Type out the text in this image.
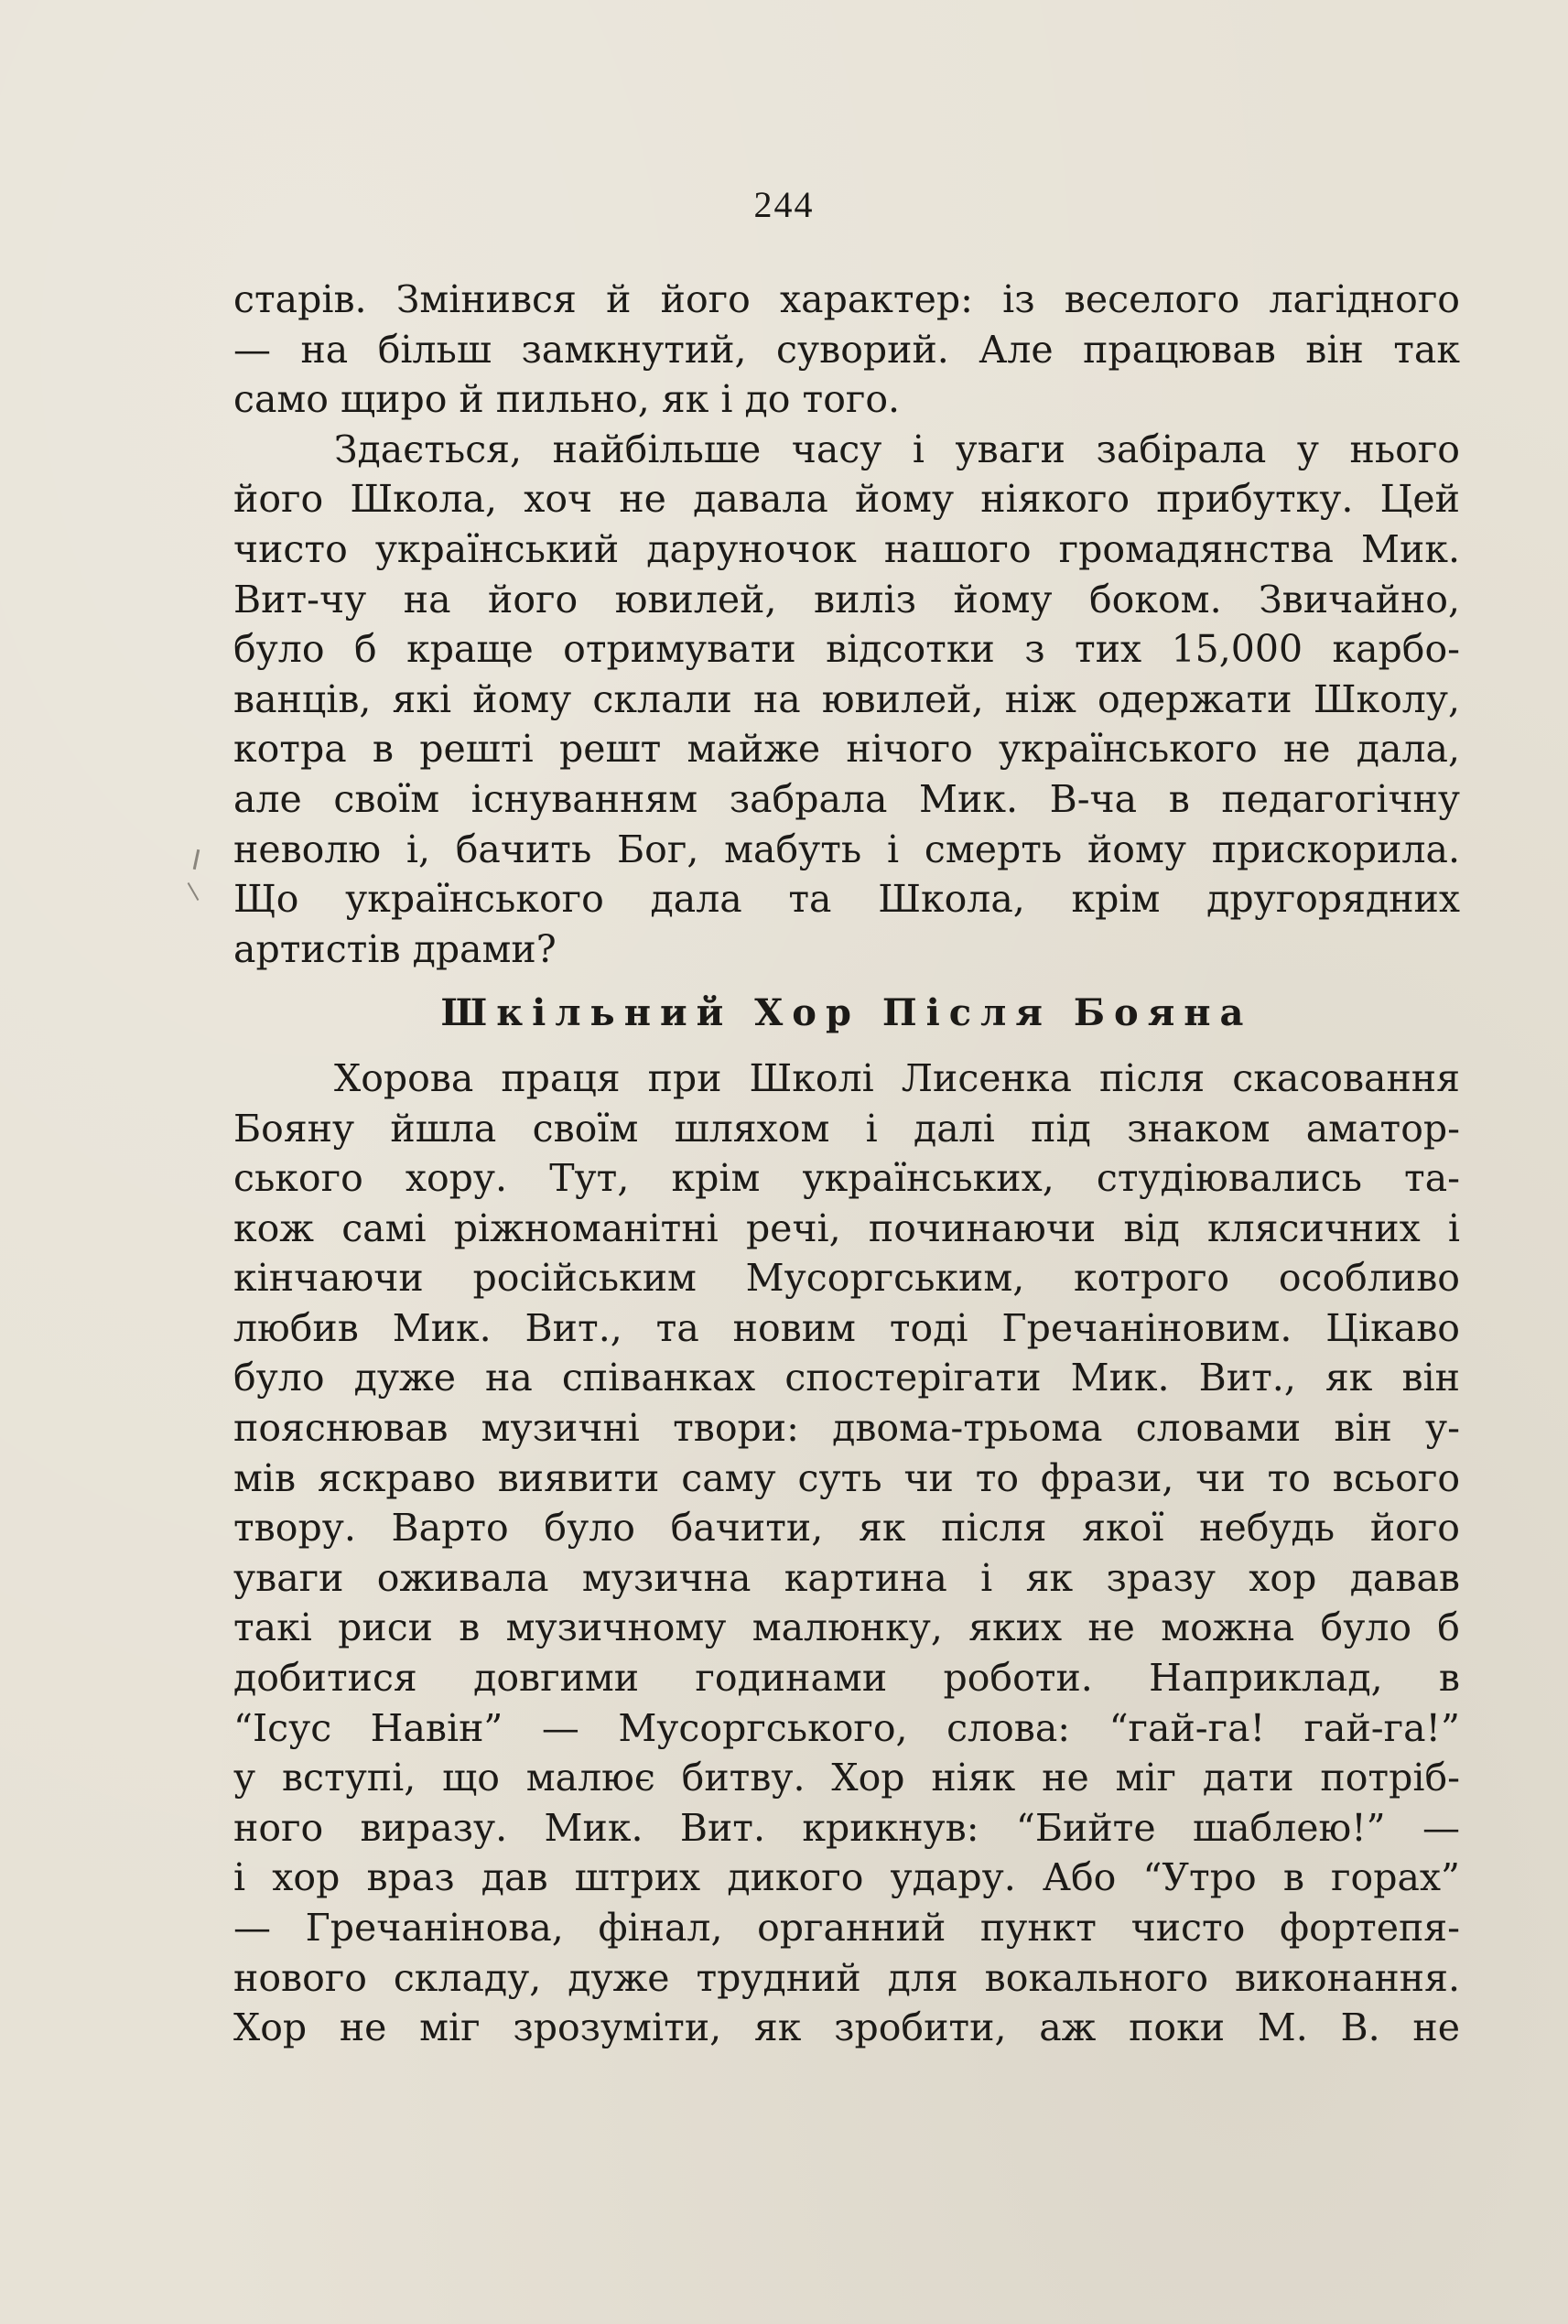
244
старів. Змінився й його характер: із веселого лагідного
— на більш замкнутий, суворий. Але працював він так
само щиро й пильно, як і до того.
Здається, найбільше часу і уваги забірала у нього
його Школа, хоч не давала йому ніякого прибутку. Цей
чисто український даруночок нашого громадянства Мик.
Вит-чу на його ювилей, виліз йому боком. Звичайно,
було б краще отримувати відсотки з тих 15,000 карбо-
ванців, які йому склали на ювилей, ніж одержати Школу,
котра в решті решт майже нічого українського не дала,
але своїм існуванням забрала Мик. В-ча в педагогічну
неволю і, бачить Бог, мабуть і смерть йому прискорила.
Що українського дала та Школа, крім другорядних
артистів драми?
Шкільний Хор Після Бояна
Хорова праця при Школі Лисенка після скасовання
Бояну йшла своїм шляхом і далі під знаком аматор-
ського хору. Тут, крім українських, студіювались та-
кож самі ріжноманітні речі, починаючи від клясичних і
кінчаючи російським Мусоргським, котрого особливо
любив Мик. Вит., та новим тоді Гречаніновим. Цікаво
було дуже на співанках спостерігати Мик. Вит., як він
пояснював музичні твори: двома-трьома словами він у-
мів яскраво виявити саму суть чи то фрази, чи то всього
твору. Варто було бачити, як після якої небудь його
уваги оживала музична картина і як зразу хор давав
такі риси в музичному малюнку, яких не можна було б
добитися довгими годинами роботи. Наприклад, в
“Ісус Навін” — Мусоргського, слова: “гай-га! гай-га!”
у вступі, що малює битву. Хор ніяк не міг дати потріб-
ного виразу. Мик. Вит. крикнув: “Бийте шаблею!” —
і хор враз дав штрих дикого удару. Або “Утро в горах”
— Гречанінова, фінал, органний пункт чисто фортепя-
нового складу, дуже трудний для вокального виконання.
Хор не міг зрозуміти, як зробити, аж поки М. В. не
